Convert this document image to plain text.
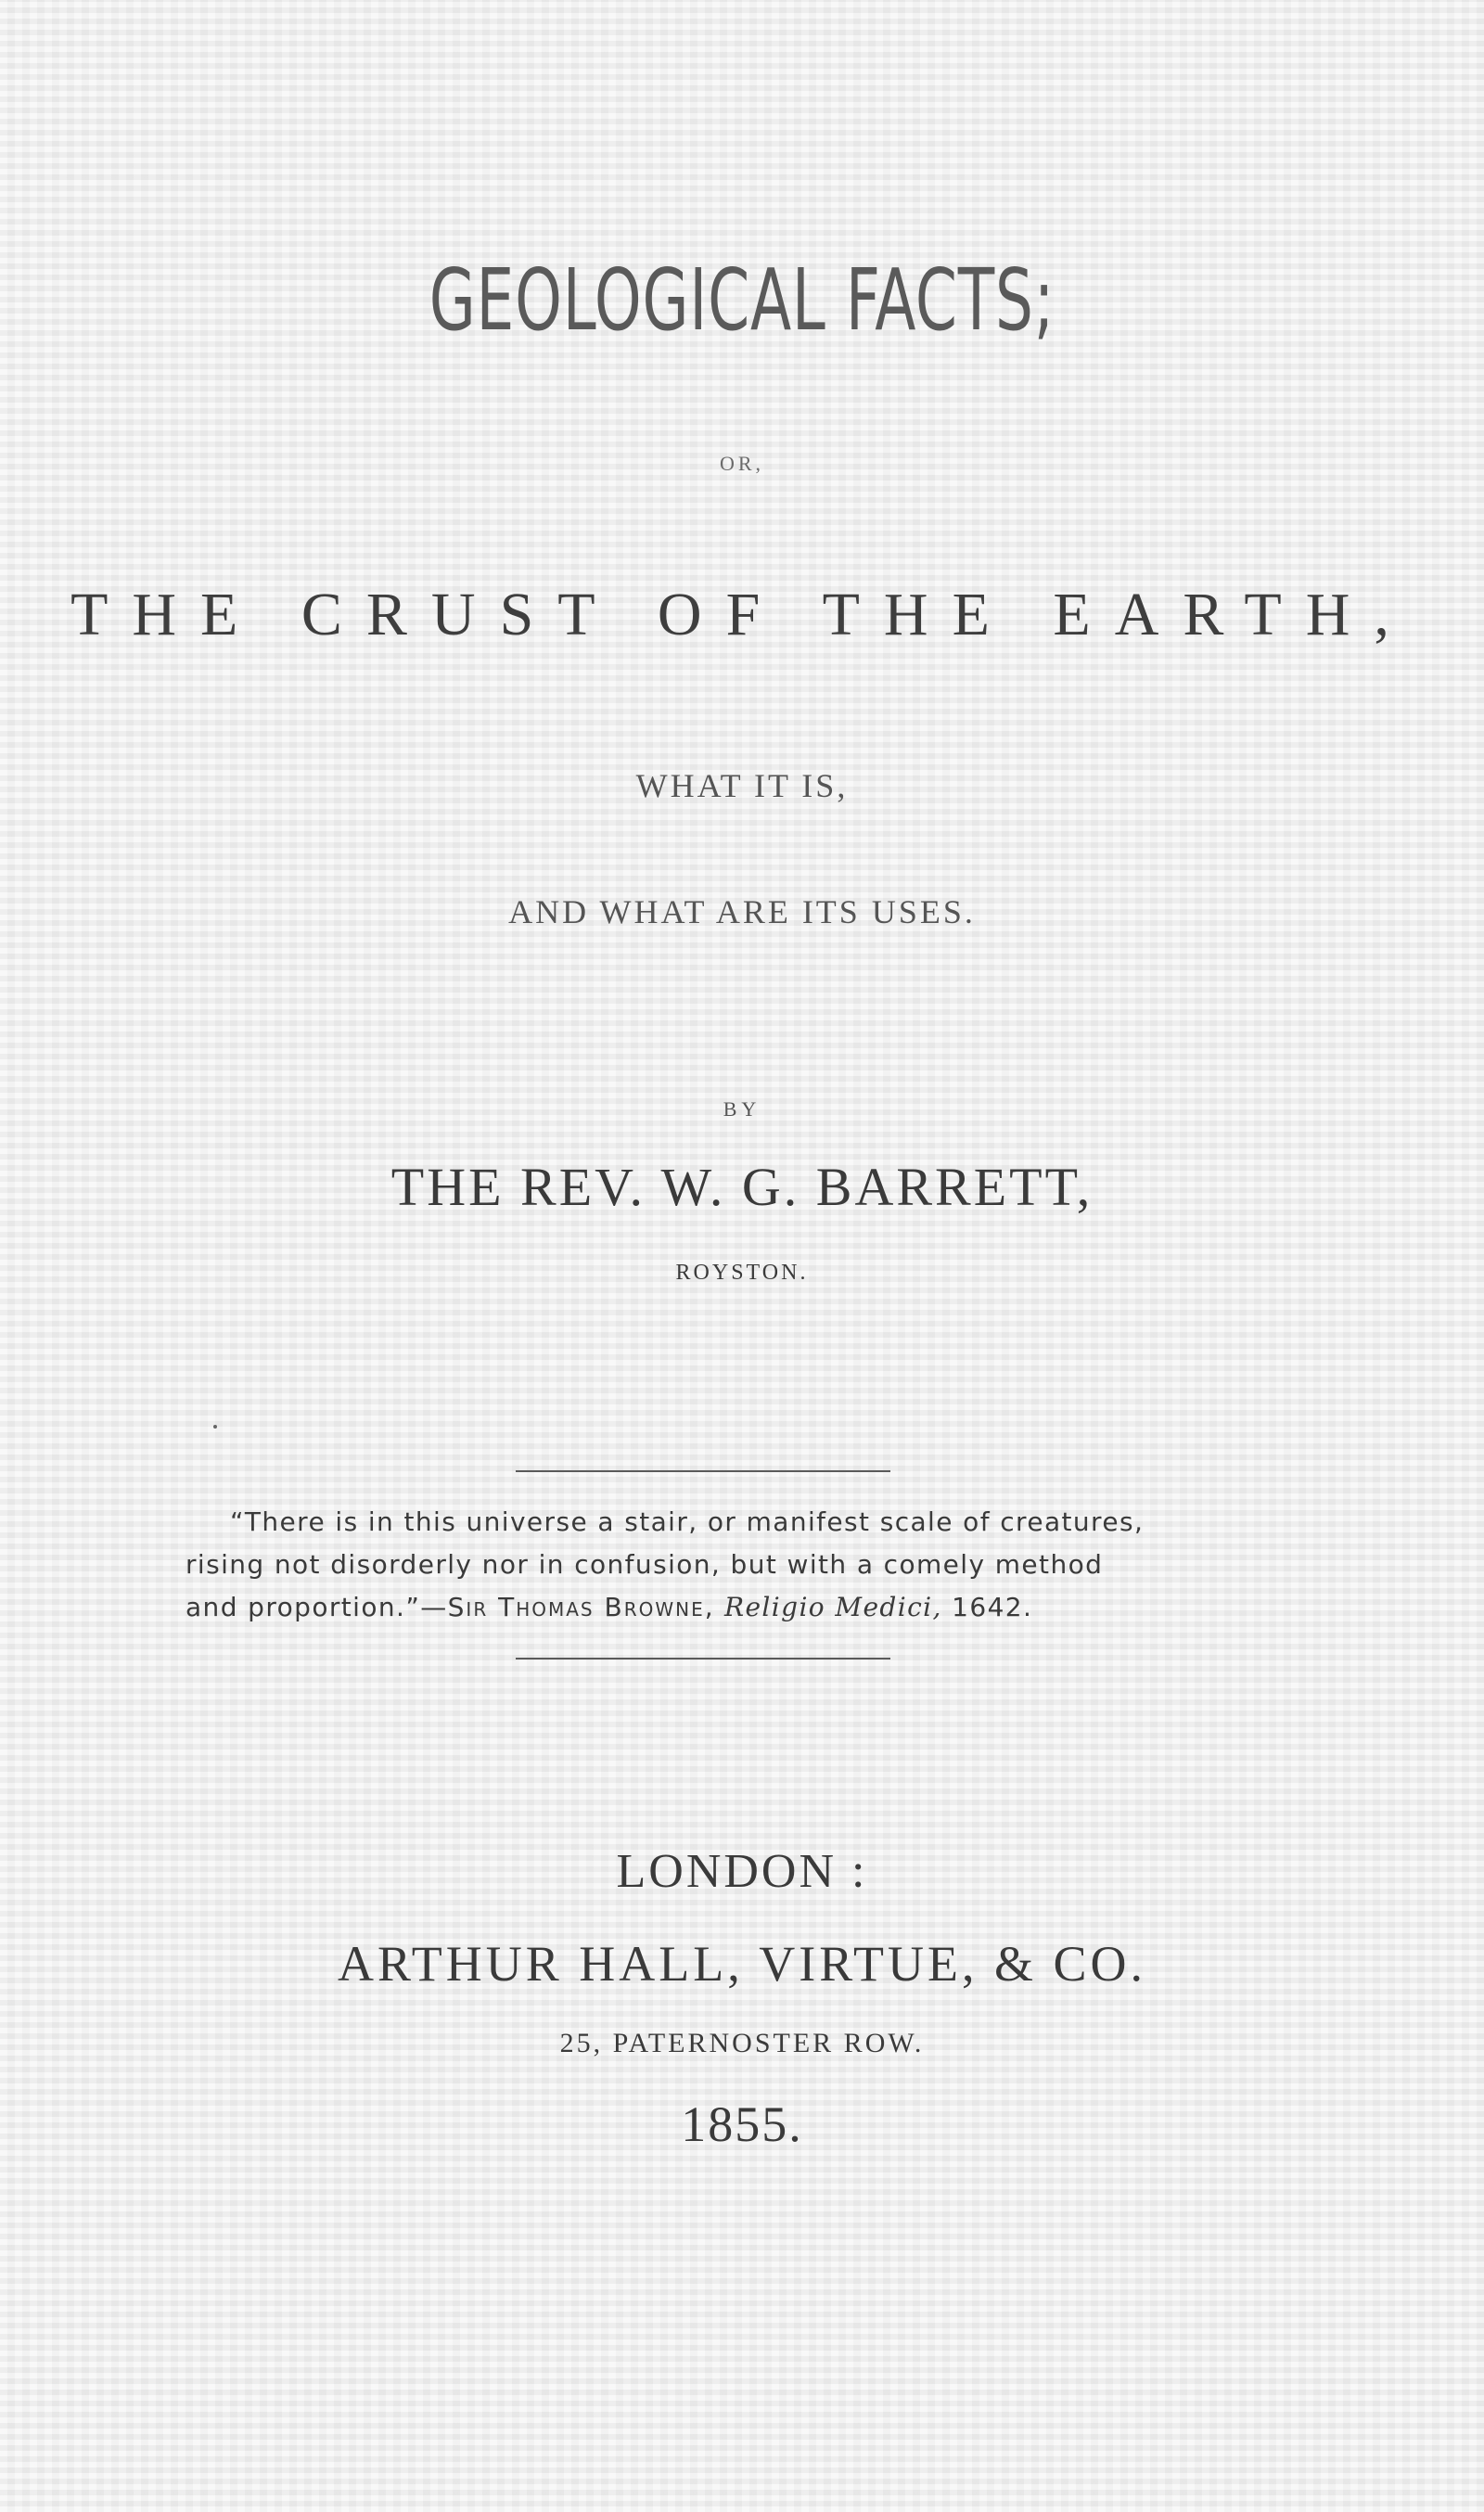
GEOLOGICAL FACTS;
OR,
THE CRUST OF THE EARTH,
WHAT IT IS,
AND WHAT ARE ITS USES.
BY
THE REV. W. G. BARRETT,
ROYSTON.
“There is in this universe a stair, or manifest scale of creatures,
rising not disorderly nor in confusion, but with a comely method
and proportion.”—Sir Thomas Browne, Religio Medici, 1642.
LONDON :
ARTHUR HALL, VIRTUE, & CO.
25, PATERNOSTER ROW.
1855.
